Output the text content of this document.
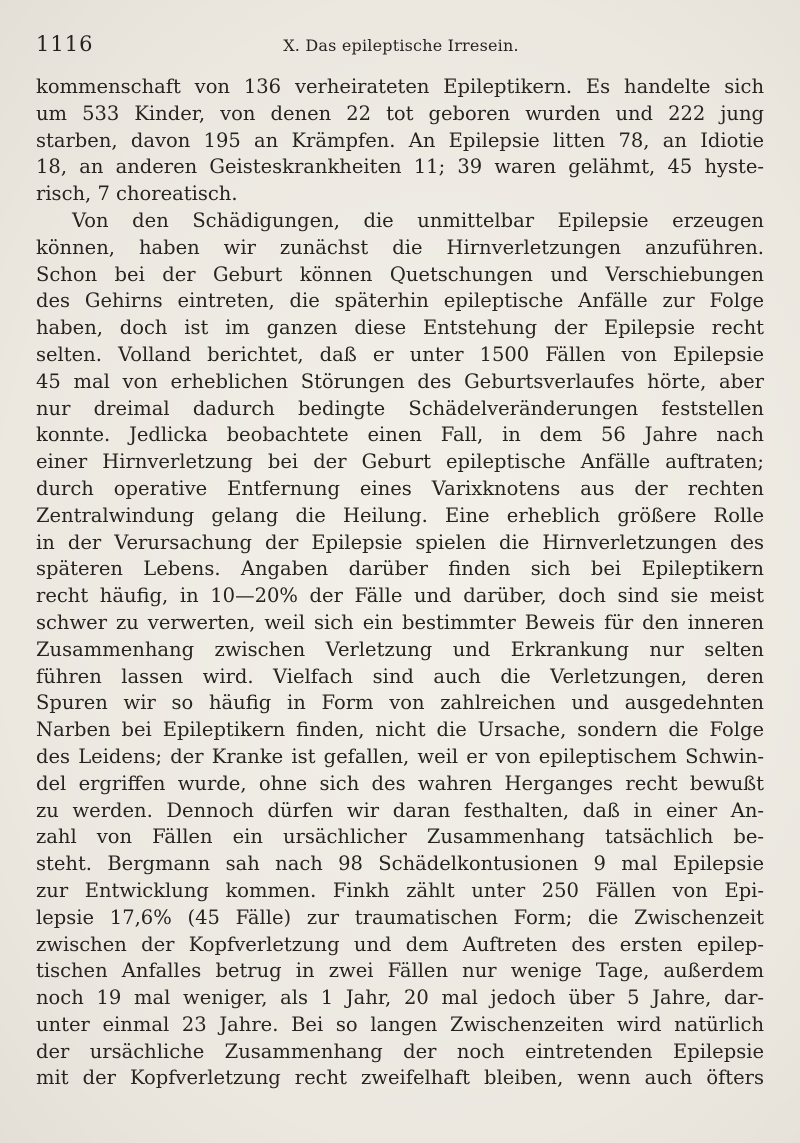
1116	X. Das epileptische Irresein.
kommenschaft von 136 verheirateten Epileptikern. Es handelte sich
um 533 Kinder, von denen 22 tot geboren wurden und 222 jung
starben, davon 195 an Krämpfen. An Epilepsie litten 78, an Idiotie
18, an anderen Geisteskrankheiten 11; 39 waren gelähmt, 45 hyste-
risch, 7 choreatisch.
Von den Schädigungen, die unmittelbar Epilepsie erzeugen
können, haben wir zunächst die Hirnverletzungen anzuführen.
Schon bei der Geburt können Quetschungen und Verschiebungen
des Gehirns eintreten, die späterhin epileptische Anfälle zur Folge
haben, doch ist im ganzen diese Entstehung der Epilepsie recht
selten. Volland berichtet, daß er unter 1500 Fällen von Epilepsie
45 mal von erheblichen Störungen des Geburtsverlaufes hörte, aber
nur dreimal dadurch bedingte Schädelveränderungen feststellen
konnte. Jedlicka beobachtete einen Fall, in dem 56 Jahre nach
einer Hirnverletzung bei der Geburt epileptische Anfälle auftraten;
durch operative Entfernung eines Varixknotens aus der rechten
Zentralwindung gelang die Heilung. Eine erheblich größere Rolle
in der Verursachung der Epilepsie spielen die Hirnverletzungen des
späteren Lebens. Angaben darüber finden sich bei Epileptikern
recht häufig, in 10—20% der Fälle und darüber, doch sind sie meist
schwer zu verwerten, weil sich ein bestimmter Beweis für den inneren
Zusammenhang zwischen Verletzung und Erkrankung nur selten
führen lassen wird. Vielfach sind auch die Verletzungen, deren
Spuren wir so häufig in Form von zahlreichen und ausgedehnten
Narben bei Epileptikern finden, nicht die Ursache, sondern die Folge
des Leidens; der Kranke ist gefallen, weil er von epileptischem Schwin-
del ergriffen wurde, ohne sich des wahren Herganges recht bewußt
zu werden. Dennoch dürfen wir daran festhalten, daß in einer An-
zahl von Fällen ein ursächlicher Zusammenhang tatsächlich be-
steht. Bergmann sah nach 98 Schädelkontusionen 9 mal Epilepsie
zur Entwicklung kommen. Finkh zählt unter 250 Fällen von Epi-
lepsie 17,6% (45 Fälle) zur traumatischen Form; die Zwischenzeit
zwischen der Kopfverletzung und dem Auftreten des ersten epilep-
tischen Anfalles betrug in zwei Fällen nur wenige Tage, außerdem
noch 19 mal weniger, als 1 Jahr, 20 mal jedoch über 5 Jahre, dar-
unter einmal 23 Jahre. Bei so langen Zwischenzeiten wird natürlich
der ursächliche Zusammenhang der noch eintretenden Epilepsie
mit der Kopfverletzung recht zweifelhaft bleiben, wenn auch öfters
